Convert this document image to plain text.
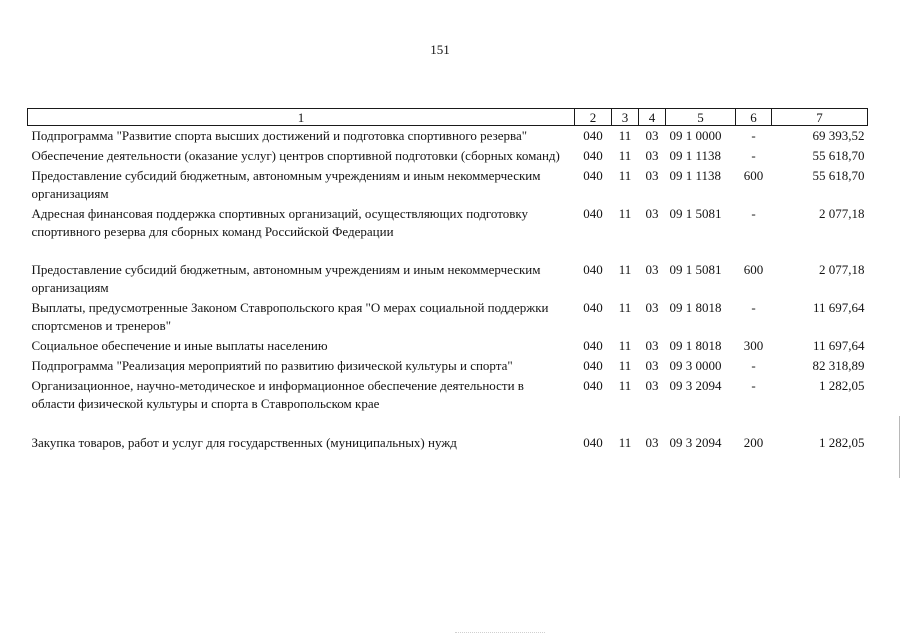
151
1	2	3	4	5	6	7
Подпрограмма "Развитие спорта высших достижений и подготовка спортивного резерва"	040	11	03	09 1 0000	-	69 393,52
Обеспечение деятельности (оказание услуг) центров спортивной подготовки (сборных команд)	040	11	03	09 1 1138	-	55 618,70
Предоставление субсидий бюджетным, автономным учреждениям и иным некоммерческим организациям	040	11	03	09 1 1138	600	55 618,70
Адресная финансовая поддержка спортивных организаций, осуществляющих подготовку спортивного резерва для сборных команд Российской Федерации	040	11	03	09 1 5081	-	2 077,18
Предоставление субсидий бюджетным, автономным учреждениям и иным некоммерческим организациям	040	11	03	09 1 5081	600	2 077,18
Выплаты, предусмотренные Законом Ставропольского края "О мерах социальной поддержки спортсменов и тренеров"	040	11	03	09 1 8018	-	11 697,64
Социальное обеспечение и иные выплаты населению	040	11	03	09 1 8018	300	11 697,64
Подпрограмма "Реализация мероприятий по развитию физической культуры и спорта"	040	11	03	09 3 0000	-	82 318,89
Организационное, научно-методическое и информационное обеспечение деятельности в области физической культуры и спорта в Ставропольском крае	040	11	03	09 3 2094	-	1 282,05
Закупка товаров, работ и услуг для государственных (муниципальных) нужд	040	11	03	09 3 2094	200	1 282,05
